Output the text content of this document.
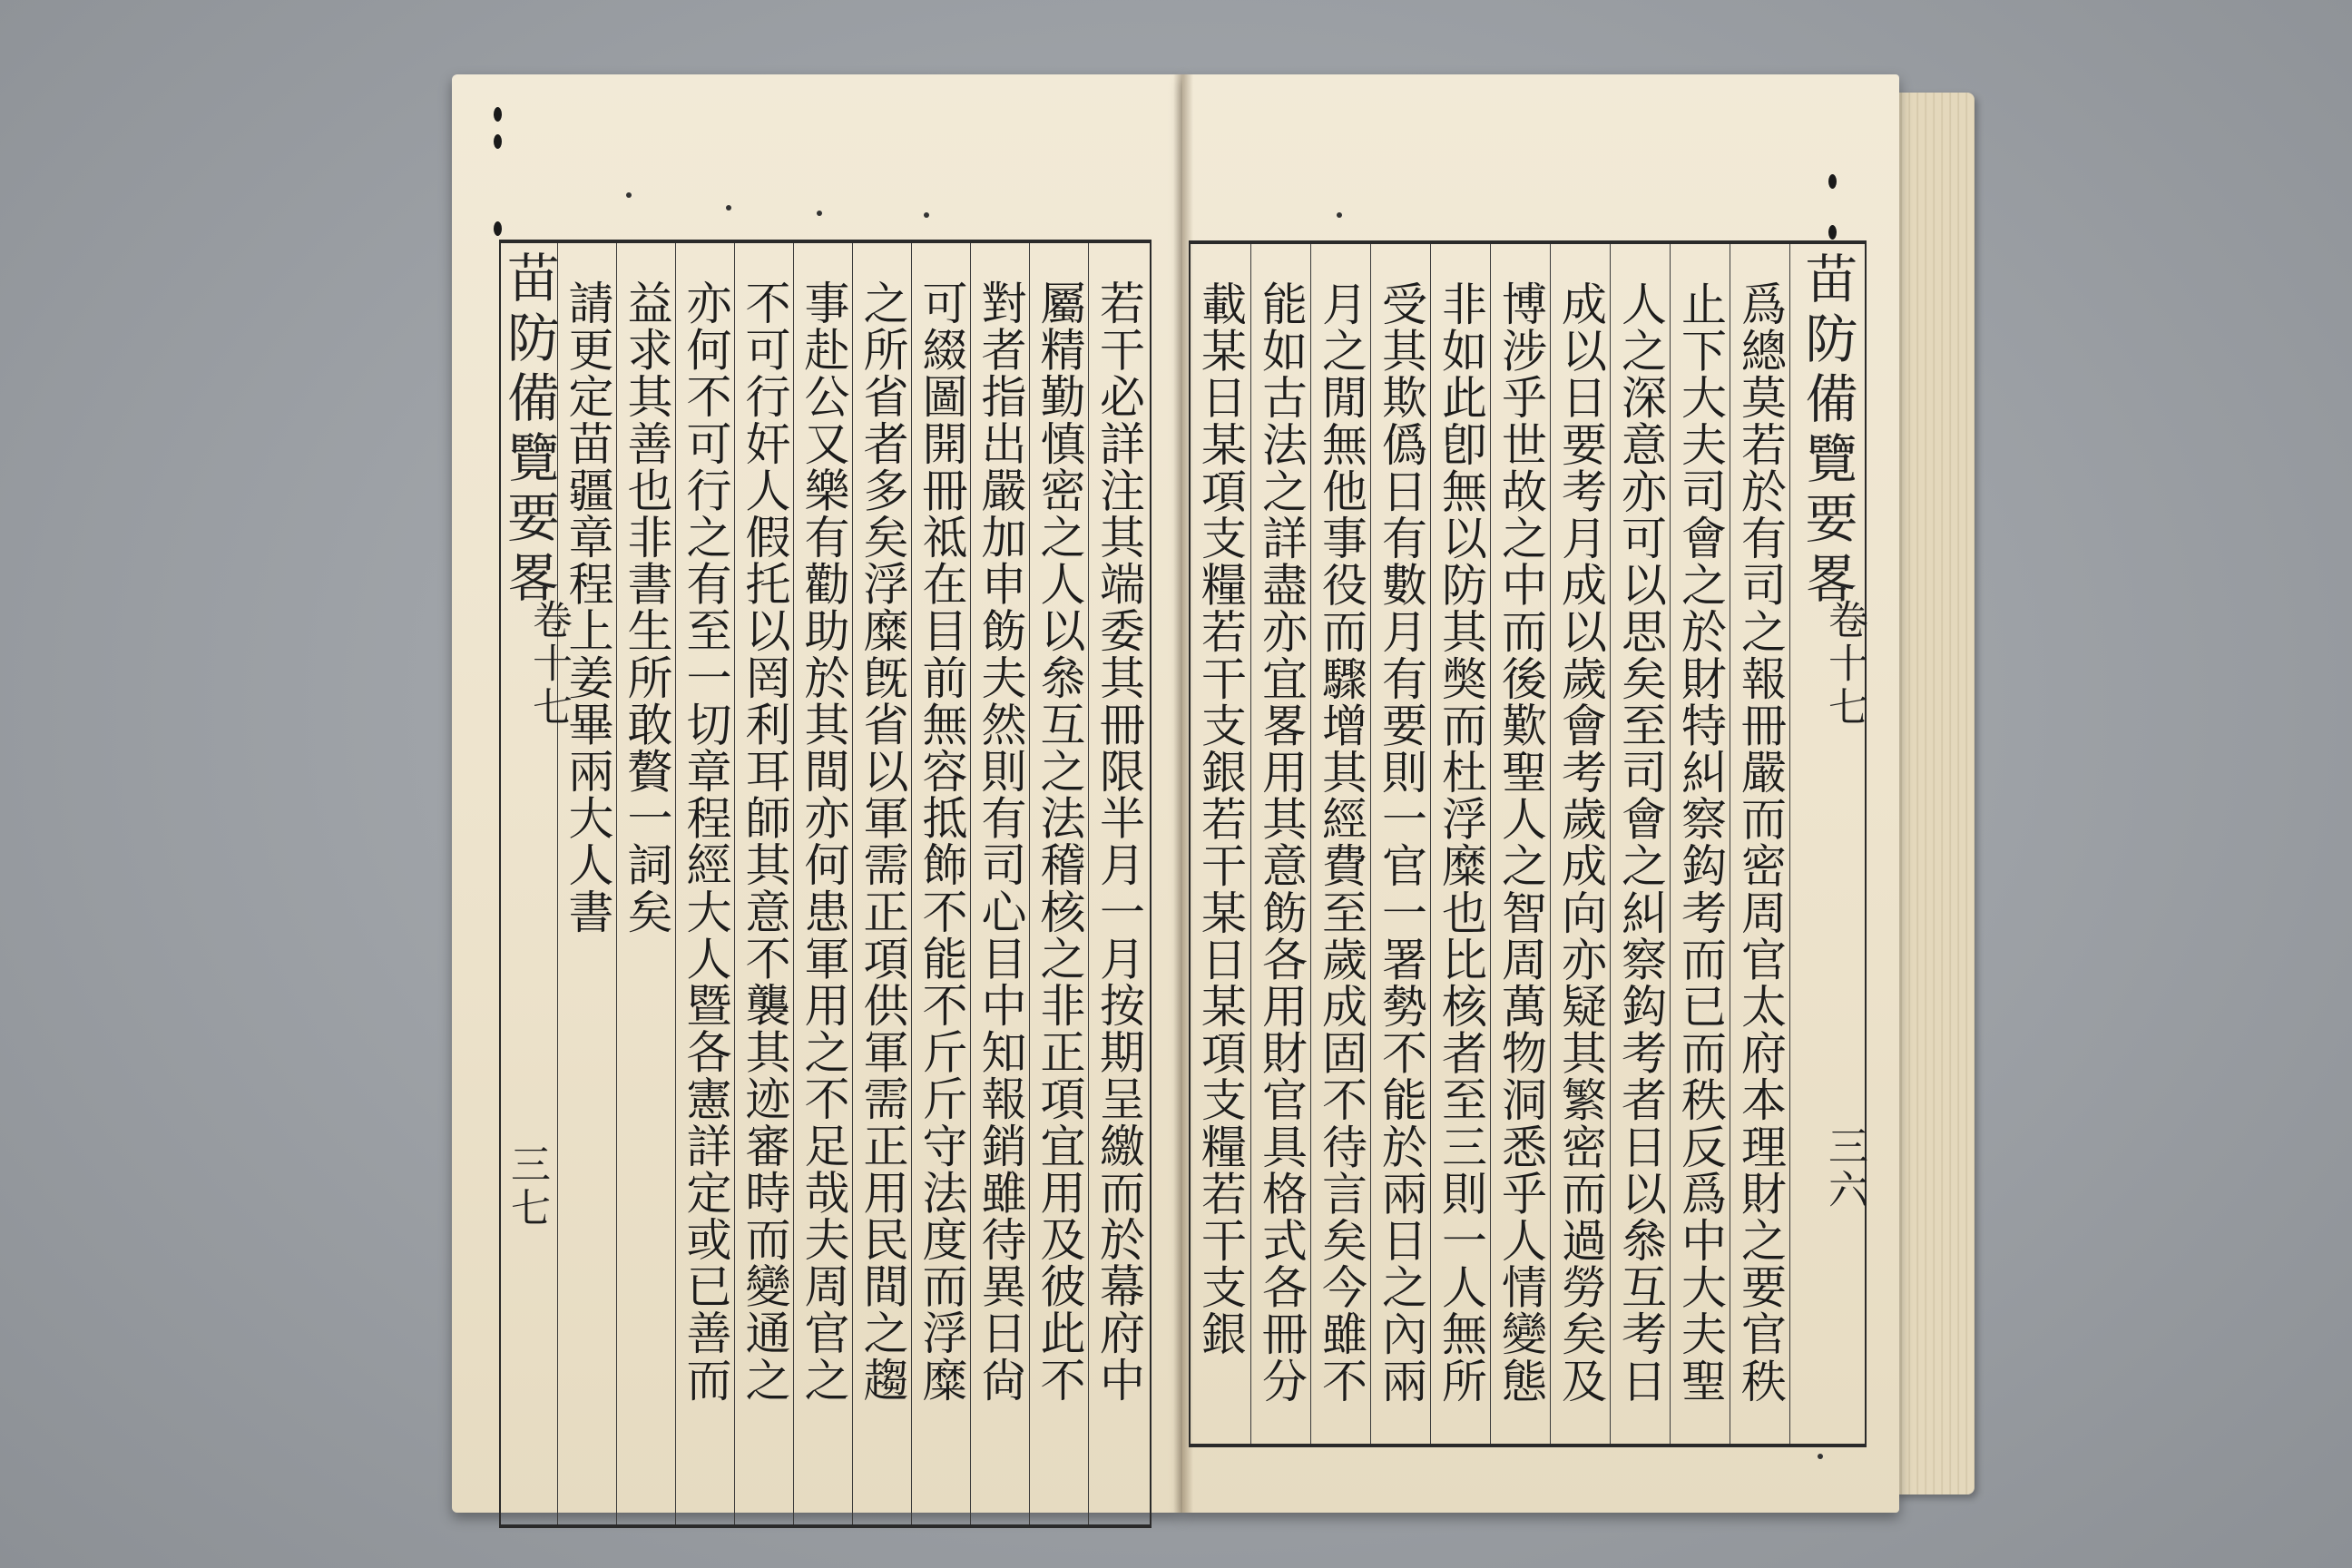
苗防備覽要畧 請更定苗疆章程上姜畢兩大人書 益求其善也非書生所敢贅一詞矣 亦何不可行之有至一切章程經大人暨各憲詳定或已善而 不可行奸人假托以罔利耳師其意不襲其迹審時而變通之 事赴公又樂有勸助於其間亦何患軍用之不足哉夫周官之 之所省者多矣浮糜旣省以軍需正項供軍需正用民間之趨 可綴圖開冊祗在目前無容抵飾不能不斤斤守法度而浮糜 對者指出嚴加申飭夫然則有司心目中知報銷雖待異日尙 屬精勤慎密之人以叅互之法稽核之非正項宜用及彼此不 若干必詳注其端委其冊限半月一月按期呈繳而於幕府中 載某日某項支糧若干支銀若干某日某項支糧若干支銀 能如古法之詳盡亦宜畧用其意飭各用財官具格式各冊分 月之閒無他事役而驟增其經費至歲成固不待言矣今雖不 受其欺僞日有數月有要則一官一署勢不能於兩日之內兩 非如此卽無以防其獘而杜浮糜也比核者至三則一人無所 博涉乎世故之中而後歎聖人之智周萬物洞悉乎人情變態 成以日要考月成以歲會考歲成向亦疑其繁密而過勞矣及 人之深意亦可以思矣至司會之糾察鈎考者日以叅互考日 止下大夫司會之於財特糾察鈎考而已而秩反爲中大夫聖 爲總莫若於有司之報冊嚴而密周官太府本理財之要官秩 苗防備覽要畧
卷十七
三七
卷十七
三六
